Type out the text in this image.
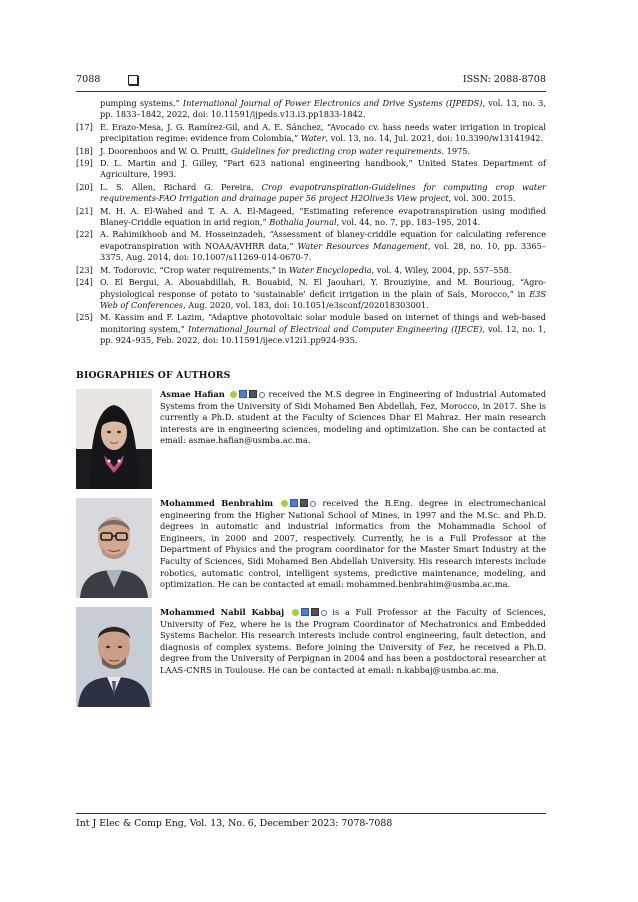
7088	ISSN: 2088-8708
pumping systems,” International Journal of Power Electronics and Drive Systems (IJPEDS), vol. 13, no. 3, pp. 1833–1842, 2022, doi: 10.11591/ijpeds.v13.i3.pp1833-1842.
[17] E. Erazo-Mesa, J. G. Ramírez-Gil, and A. E. Sánchez, “Avocado cv. hass needs water irrigation in tropical precipitation regime: evidence from Colombia,” Water, vol. 13, no. 14, Jul. 2021, doi: 10.3390/w13141942.
[18] J. Doorenboos and W. O. Pruitt, Guidelines for predicting crop water requirements. 1975.
[19] D. L. Martin and J. Gilley, “Part 623 national engineering handbook,” United States Department of Agriculture, 1993.
[20] L. S. Allen, Richard G. Pereira, Crop evapotranspiration-Guidelines for computing crop water requirements-FAO Irrigation and drainage paper 56 project H2Olive3s View project, vol. 300. 2015.
[21] M. H. A. El-Wahed and T. A. A. El-Mageed, “Estimating reference evapotranspiration using modified Blaney-Criddle equation in arid region,” Bothalia Journal, vol. 44, no. 7, pp. 183–195, 2014.
[22] A. Rahimikhoob and M. Hosseinzadeh, “Assessment of blaney-criddle equation for calculating reference evapotranspiration with NOAA/AVHRR data,” Water Resources Management, vol. 28, no. 10, pp. 3365–3375, Aug. 2014, doi: 10.1007/s11269-014-0670-7.
[23] M. Todorovic, “Crop water requirements,” in Water Encyclopedia, vol. 4, Wiley, 2004, pp. 557–558.
[24] O. El Bergui, A. Abouabdillah, R. Bouabid, N. El Jaouhari, Y. Brouziyine, and M. Bourioug, “Agro-physiological response of potato to ‘sustainable’ deficit irrigation in the plain of Saïs, Morocco,” in E3S Web of Conferences, Aug. 2020, vol. 183, doi: 10.1051/e3sconf/202018303001.
[25] M. Kassim and F. Lazim, “Adaptive photovoltaic solar module based on internet of things and web-based monitoring system,” International Journal of Electrical and Computer Engineering (IJECE), vol. 12, no. 1, pp. 924–935, Feb. 2022, doi: 10.11591/ijece.v12i1.pp924-935.
BIOGRAPHIES OF AUTHORS
Asmae Hafian	received the M.S degree in Engineering of Industrial Automated Systems from the University of Sidi Mohamed Ben Abdellah, Fez, Morocco, in 2017. She is currently a Ph.D. student at the Faculty of Sciences Dhar El Mahraz. Her main research interests are in engineering sciences, modeling and optimization. She can be contacted at email: asmae.hafian@usmba.ac.ma.
Mohammed Benbrahim	received the B.Eng. degree in electromechanical engineering from the Higher National School of Mines, in 1997 and the M.Sc. and Ph.D. degrees in automatic and industrial informatics from the Mohammadia School of Engineers, in 2000 and 2007, respectively. Currently, he is a Full Professor at the Department of Physics and the program coordinator for the Master Smart Industry at the Faculty of Sciences, Sidi Mohamed Ben Abdellah University. His research interests include robotics, automatic control, intelligent systems, predictive maintenance, modeling, and optimization. He can be contacted at email: mohammed.benbrahim@usmba.ac.ma.
Mohammed Nabil Kabbaj	is a Full Professor at the Faculty of Sciences, University of Fez, where he is the Program Coordinator of Mechatronics and Embedded Systems Bachelor. His research interests include control engineering, fault detection, and diagnosis of complex systems. Before joining the University of Fez, he received a Ph.D. degree from the University of Perpignan in 2004 and has been a postdoctoral researcher at LAAS-CNRS in Toulouse. He can be contacted at email: n.kabbaj@usmba.ac.ma.
Int J Elec & Comp Eng, Vol. 13, No. 6, December 2023: 7078-7088
